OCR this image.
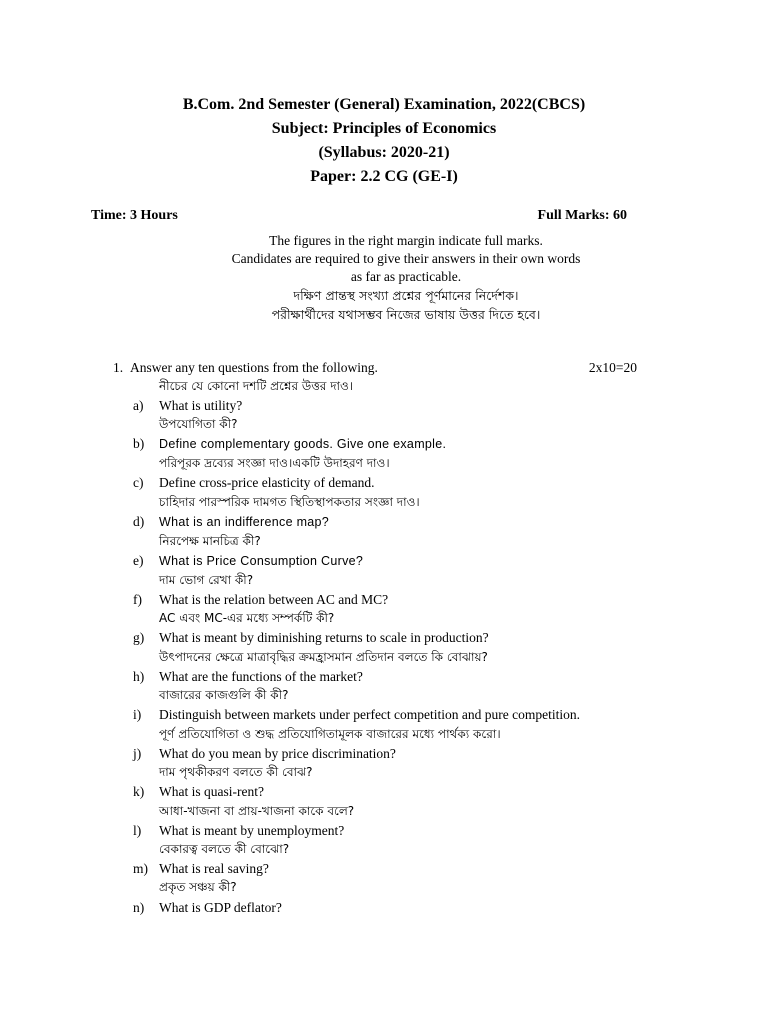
B.Com. 2nd Semester (General) Examination, 2022(CBCS)
Subject: Principles of Economics
(Syllabus: 2020-21)
Paper: 2.2 CG (GE-I)
Time: 3 Hours	Full Marks: 60
The figures in the right margin indicate full marks.
Candidates are required to give their answers in their own words
as far as practicable.
দক্ষিণ প্রান্তস্থ সংখ্যা প্রশ্নের পূর্ণমানের নির্দেশক।
পরীক্ষার্থীদের যথাসম্ভব নিজের ভাষায় উত্তর দিতে হবে।
1. Answer any ten questions from the following.	2x10=20
নীচের যে কোনো দশটি প্রশ্নের উত্তর দাও।
a) What is utility?
উপযোগিতা কী?
b) Define complementary goods. Give one example.
পরিপূরক দ্রব্যের সংজ্ঞা দাও।একটি উদাহরণ দাও।
c) Define cross-price elasticity of demand.
চাহিদার পারস্পরিক দামগত স্থিতিস্থাপকতার সংজ্ঞা দাও।
d) What is an indifference map?
নিরপেক্ষ মানচিত্র কী?
e) What is Price Consumption Curve?
দাম ভোগ রেখা কী?
f) What is the relation between AC and MC?
AC এবং MC-এর মধ্যে সম্পর্কটি কী?
g) What is meant by diminishing returns to scale in production?
উৎপাদনের ক্ষেত্রে মাত্রাবৃদ্ধির ক্রমহ্রাসমান প্রতিদান বলতে কি বোঝায়?
h) What are the functions of the market?
বাজারের কাজগুলি কী কী?
i) Distinguish between markets under perfect competition and pure competition.
পূর্ণ প্রতিযোগিতা ও শুদ্ধ প্রতিযোগিতামূলক বাজারের মধ্যে পার্থক্য করো।
j) What do you mean by price discrimination?
দাম পৃথকীকরণ বলতে কী বোঝ?
k) What is quasi-rent?
আধা-খাজনা বা প্রায়-খাজনা কাকে বলে?
l) What is meant by unemployment?
বেকারত্ব বলতে কী বোঝো?
m) What is real saving?
প্রকৃত সঞ্চয় কী?
n) What is GDP deflator?
